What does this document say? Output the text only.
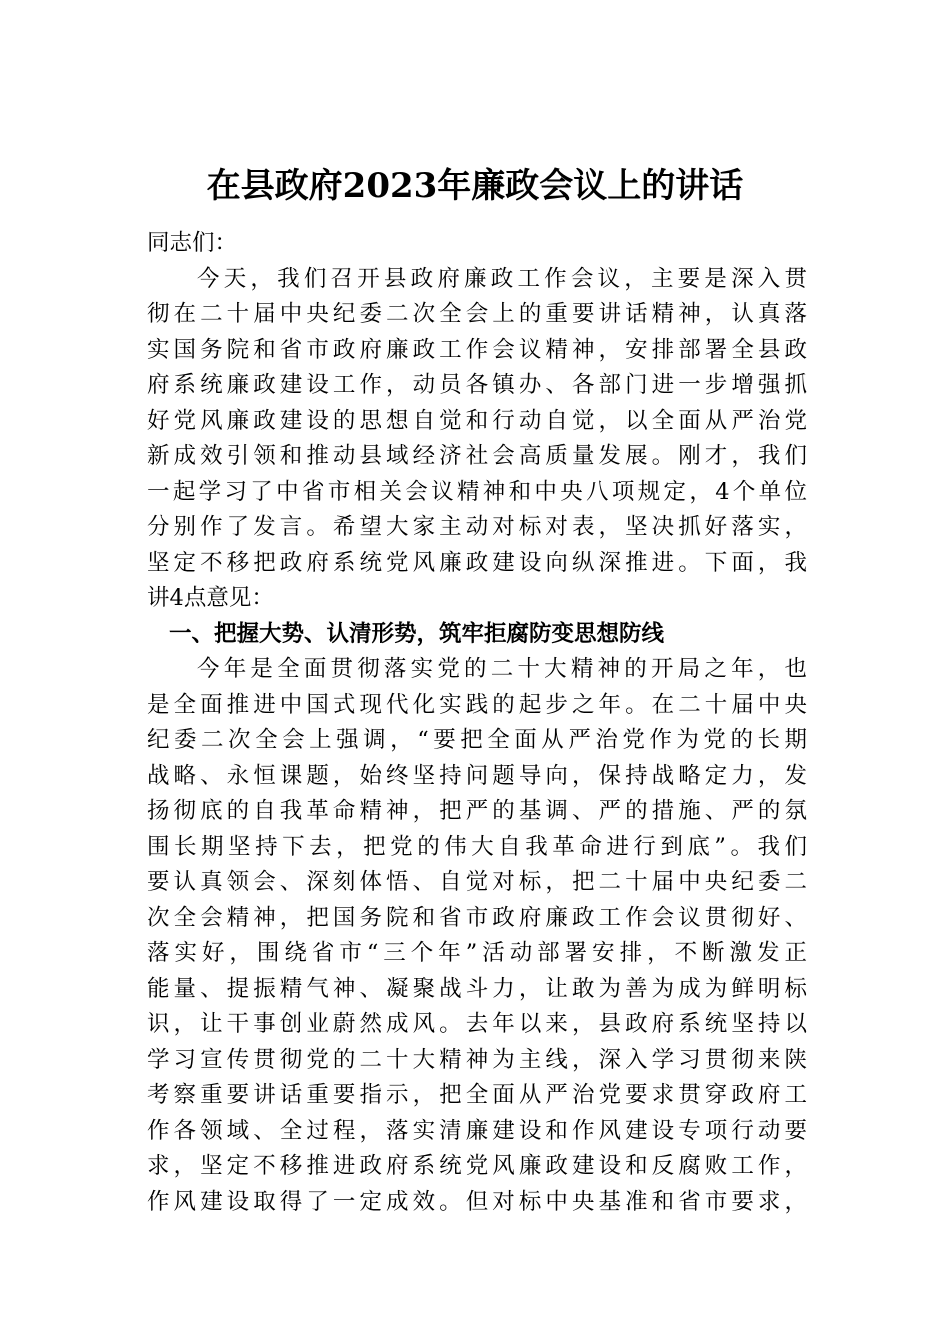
在县政府2023年廉政会议上的讲话
同志们：
今天，我们召开县政府廉政工作会议，主要是深入贯
彻在二十届中央纪委二次全会上的重要讲话精神，认真落
实国务院和省市政府廉政工作会议精神，安排部署全县政
府系统廉政建设工作，动员各镇办、各部门进一步增强抓
好党风廉政建设的思想自觉和行动自觉，以全面从严治党
新成效引领和推动县域经济社会高质量发展。刚才，我们
一起学习了中省市相关会议精神和中央八项规定，4个单位
分别作了发言。希望大家主动对标对表，坚决抓好落实，
坚定不移把政府系统党风廉政建设向纵深推进。下面，我
讲4点意见：
一、把握大势、认清形势，筑牢拒腐防变思想防线
今年是全面贯彻落实党的二十大精神的开局之年，也
是全面推进中国式现代化实践的起步之年。在二十届中央
纪委二次全会上强调，“要把全面从严治党作为党的长期
战略、永恒课题，始终坚持问题导向，保持战略定力，发
扬彻底的自我革命精神，把严的基调、严的措施、严的氛
围长期坚持下去，把党的伟大自我革命进行到底”。我们
要认真领会、深刻体悟、自觉对标，把二十届中央纪委二
次全会精神，把国务院和省市政府廉政工作会议贯彻好、
落实好，围绕省市“三个年”活动部署安排，不断激发正
能量、提振精气神、凝聚战斗力，让敢为善为成为鲜明标
识，让干事创业蔚然成风。去年以来，县政府系统坚持以
学习宣传贯彻党的二十大精神为主线，深入学习贯彻来陕
考察重要讲话重要指示，把全面从严治党要求贯穿政府工
作各领域、全过程，落实清廉建设和作风建设专项行动要
求，坚定不移推进政府系统党风廉政建设和反腐败工作，
作风建设取得了一定成效。但对标中央基准和省市要求，
